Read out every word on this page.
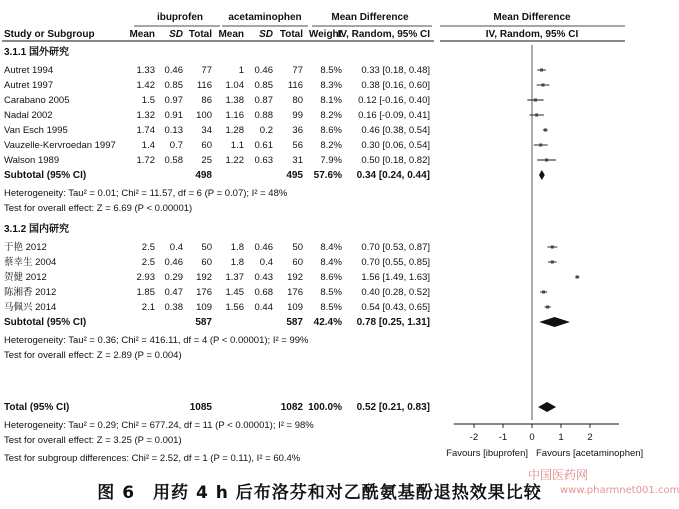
ibuprofen	acetaminophen	Mean Difference	Mean Difference
Study or Subgroup	Mean SD Total Mean SD Total Weight
IV, Random, 95% CI	IV, Random, 95% CI
3.1.1 国外研究
Autret 1994	1.33 0.46 77	1 0.46 77 8.5% 0.33 [0.18, 0.48]
Autret 1997	1.42 0.85 116 1.04 0.85 116 8.3% 0.38 [0.16, 0.60]
Carabano 2005	1.5 0.97 86 1.38 0.87 80 8.1% 0.12 [-0.16, 0.40]
Nadal 2002	1.32 0.91 100 1.16 0.88 99 8.2% 0.16 [-0.09, 0.41]
Van Esch 1995	1.74 0.13 34 1.28 0.2 36 8.6% 0.46 [0.38, 0.54]
Vauzelle-Kervroedan 1997	1.4 0.7 60 1.1 0.61 56 8.2% 0.30 [0.06, 0.54]
Walson 1989	1.72 0.58 25 1.22 0.63 31 7.9% 0.50 [0.18, 0.82]
Subtotal (95% CI)	498	495 57.6% 0.34 [0.24, 0.44]
Heterogeneity: Tau² = 0.01; Chi² = 11.57, df = 6 (P = 0.07); I² = 48%
Test for overall effect: Z = 6.69 (P < 0.00001)
3.1.2 国内研究
于艳 2012	2.5 0.4 50 1.8 0.46 50 8.4% 0.70 [0.53, 0.87]
蔡幸生 2004	2.5 0.46 60 1.8 0.4 60 8.4% 0.70 [0.55, 0.85]
贺健 2012	2.93 0.29 192 1.37 0.43 192 8.6% 1.56 [1.49, 1.63]
陈湘香 2012	1.85 0.47 176 1.45 0.68 176 8.5% 0.40 [0.28, 0.52]
马佩兴 2014	2.1 0.38 109 1.56 0.44 109 8.5% 0.54 [0.43, 0.65]
Subtotal (95% CI)	587	587 42.4% 0.78 [0.25, 1.31]
Heterogeneity: Tau² = 0.36; Chi² = 416.11, df = 4 (P < 0.00001); I² = 99%
Test for overall effect: Z = 2.89 (P = 0.004)
Total (95% CI)	1085	1082 100.0% 0.52 [0.21, 0.83]
Heterogeneity: Tau² = 0.29; Chi² = 677.24, df = 11 (P < 0.00001); I² = 98%
Test for overall effect: Z = 3.25 (P = 0.001)
Test for subgroup differences: Chi² = 2.52, df = 1 (P = 0.11), I² = 60.4%
-2 -1 0 1 2
Favours [ibuprofen] Favours [acetaminophen]
图 6　用药 4 h 后布洛芬和对乙酰氨基酚退热效果比较
中国医药网
www.pharmnet001.com
